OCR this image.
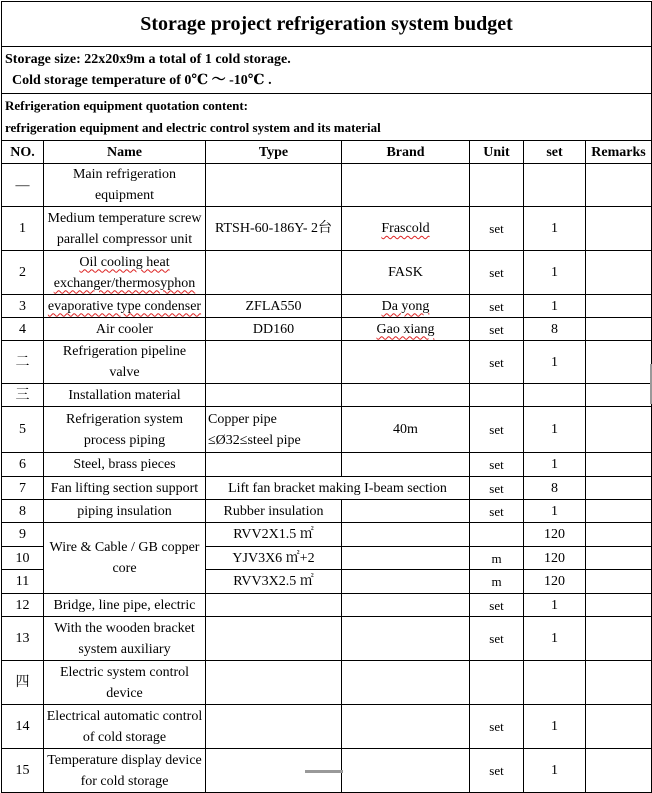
Storage project refrigeration system budget						

Storage size: 22x20x9m a total of 1 cold storage.
Cold storage temperature of 0℃ ～ -10℃ .						

Refrigeration equipment quotation content:
refrigeration equipment and electric control system and its material						

NO.	Name	Type	Brand	Unit	set	Remarks
—	Main refrigeration equipment					
1	Medium temperature screw parallel compressor unit	RTSH-60-186Y- 2台	Frascold	set	1	
2	Oil cooling heat exchanger/thermosyphon		FASK	set	1	
3	evaporative type condenser	ZFLA550	Da yong	set	1	
4	Air cooler	DD160	Gao xiang	set	8	
二	Refrigeration pipeline valve			set	1	
三	Installation material					
5	Refrigeration system process piping	Copper pipe ≤Ø32≤steel pipe	40m	set	1	
6	Steel, brass pieces			set	1	
7	Fan lifting section support	Lift fan bracket making I-beam section		set	8	
8	piping insulation	Rubber insulation		set	1	
9	Wire & Cable / GB copper core	RVV2X1.5 ㎡			120	
10		YJV3X6 ㎡+2		m	120	
11		RVV3X2.5 ㎡		m	120	
12	Bridge, line pipe, electric			set	1	
13	With the wooden bracket system auxiliary			set	1	
四	Electric system control device					
14	Electrical automatic control of cold storage			set	1	
15	Temperature display device for cold storage			set	1	
